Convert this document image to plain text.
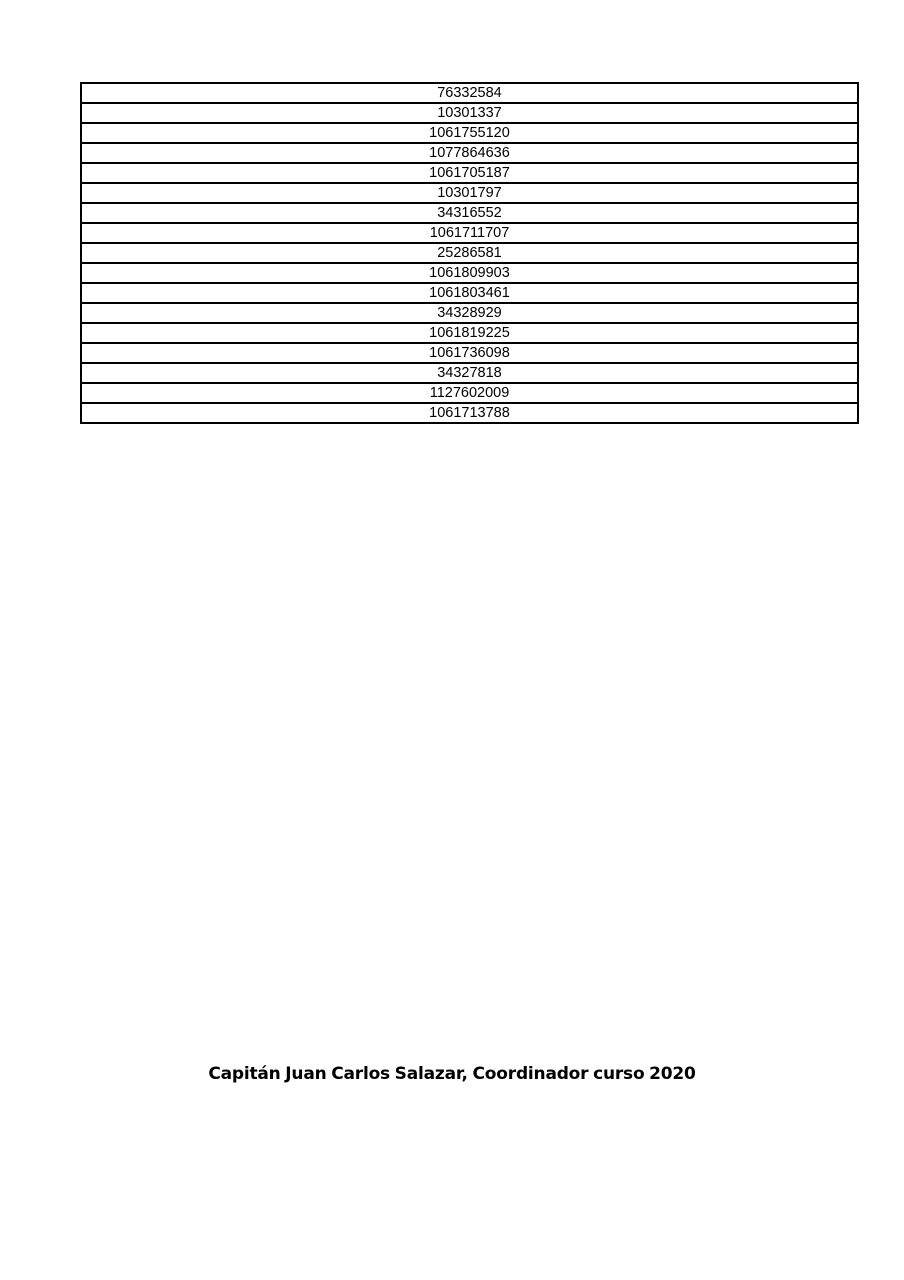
76332584
10301337
1061755120
1077864636
1061705187
10301797
34316552
1061711707
25286581
1061809903
1061803461
34328929
1061819225
1061736098
34327818
1127602009
1061713788
Capitán Juan Carlos Salazar, Coordinador curso 2020
